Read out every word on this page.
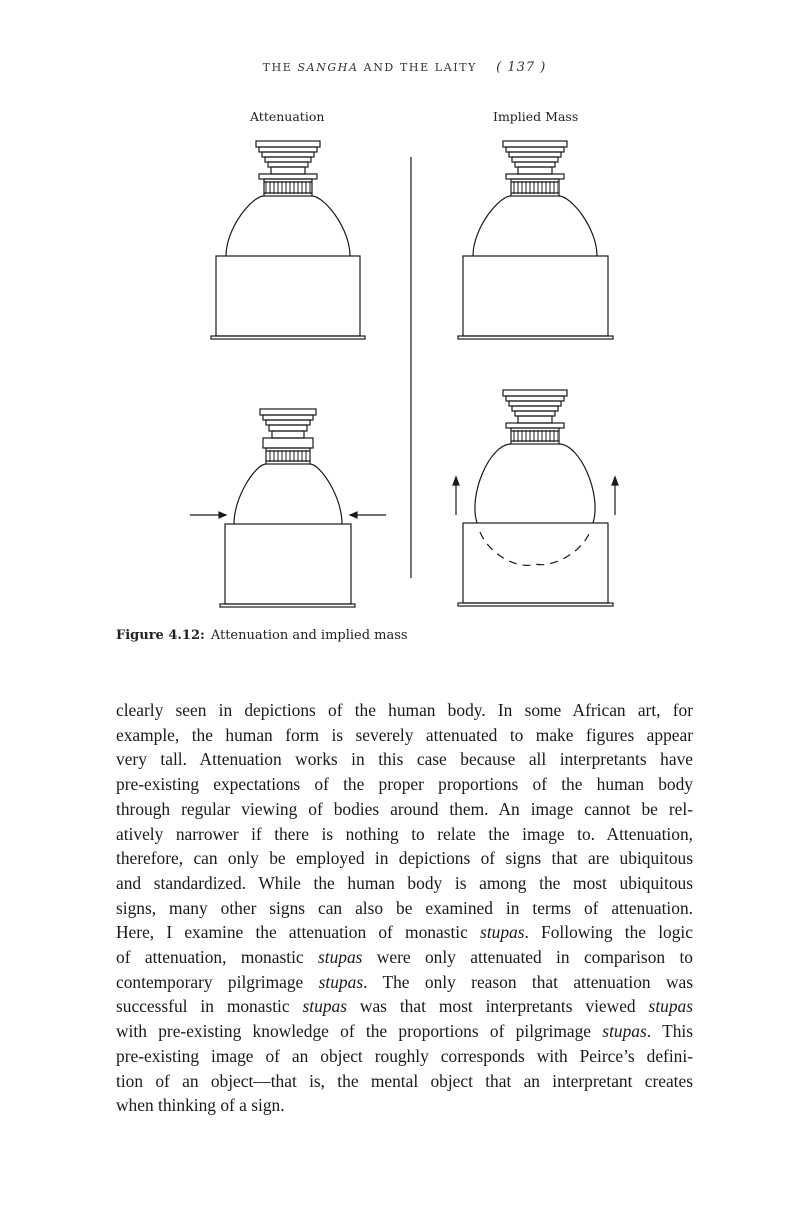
THE SANGHA AND THE LAITY ( 137 )
Attenuation	Implied Mass
Figure 4.12: Attenuation and implied mass
clearly seen in depictions of the human body. In some African art, for
example, the human form is severely attenuated to make figures appear
very tall. Attenuation works in this case because all interpretants have
pre-existing expectations of the proper proportions of the human body
through regular viewing of bodies around them. An image cannot be rel-
atively narrower if there is nothing to relate the image to. Attenuation,
therefore, can only be employed in depictions of signs that are ubiquitous
and standardized. While the human body is among the most ubiquitous
signs, many other signs can also be examined in terms of attenuation.
Here, I examine the attenuation of monastic stupas. Following the logic
of attenuation, monastic stupas were only attenuated in comparison to
contemporary pilgrimage stupas. The only reason that attenuation was
successful in monastic stupas was that most interpretants viewed stupas
with pre-existing knowledge of the proportions of pilgrimage stupas. This
pre-existing image of an object roughly corresponds with Peirce’s defini-
tion of an object—that is, the mental object that an interpretant creates
when thinking of a sign.
